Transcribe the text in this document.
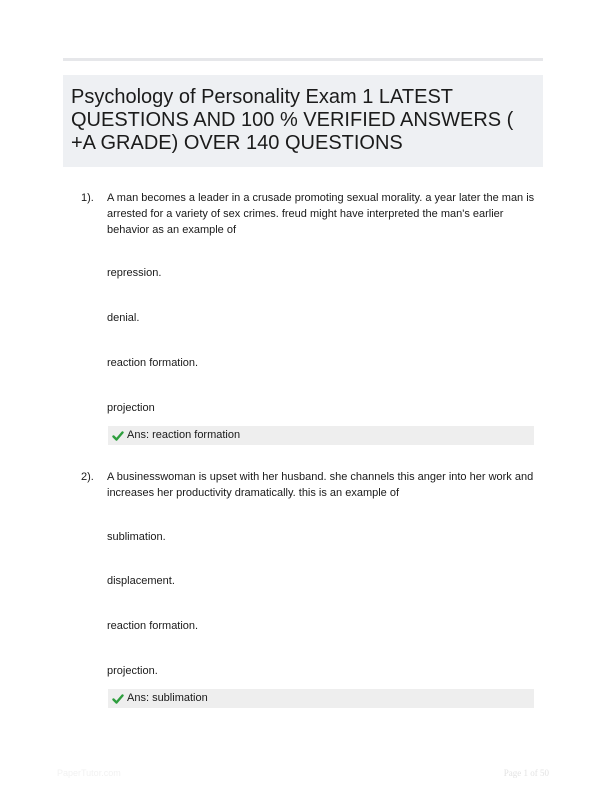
Psychology of Personality Exam 1 LATEST QUESTIONS AND 100 % VERIFIED ANSWERS ( +A GRADE) OVER 140 QUESTIONS
1). A man becomes a leader in a crusade promoting sexual morality. a year later the man is arrested for a variety of sex crimes. freud might have interpreted the man's earlier behavior as an example of
repression.
denial.
reaction formation.
projection
Ans: reaction formation
2). A businesswoman is upset with her husband. she channels this anger into her work and increases her productivity dramatically. this is an example of
sublimation.
displacement.
reaction formation.
projection.
Ans: sublimation
PaperTutor.com	Page 1 of 50
